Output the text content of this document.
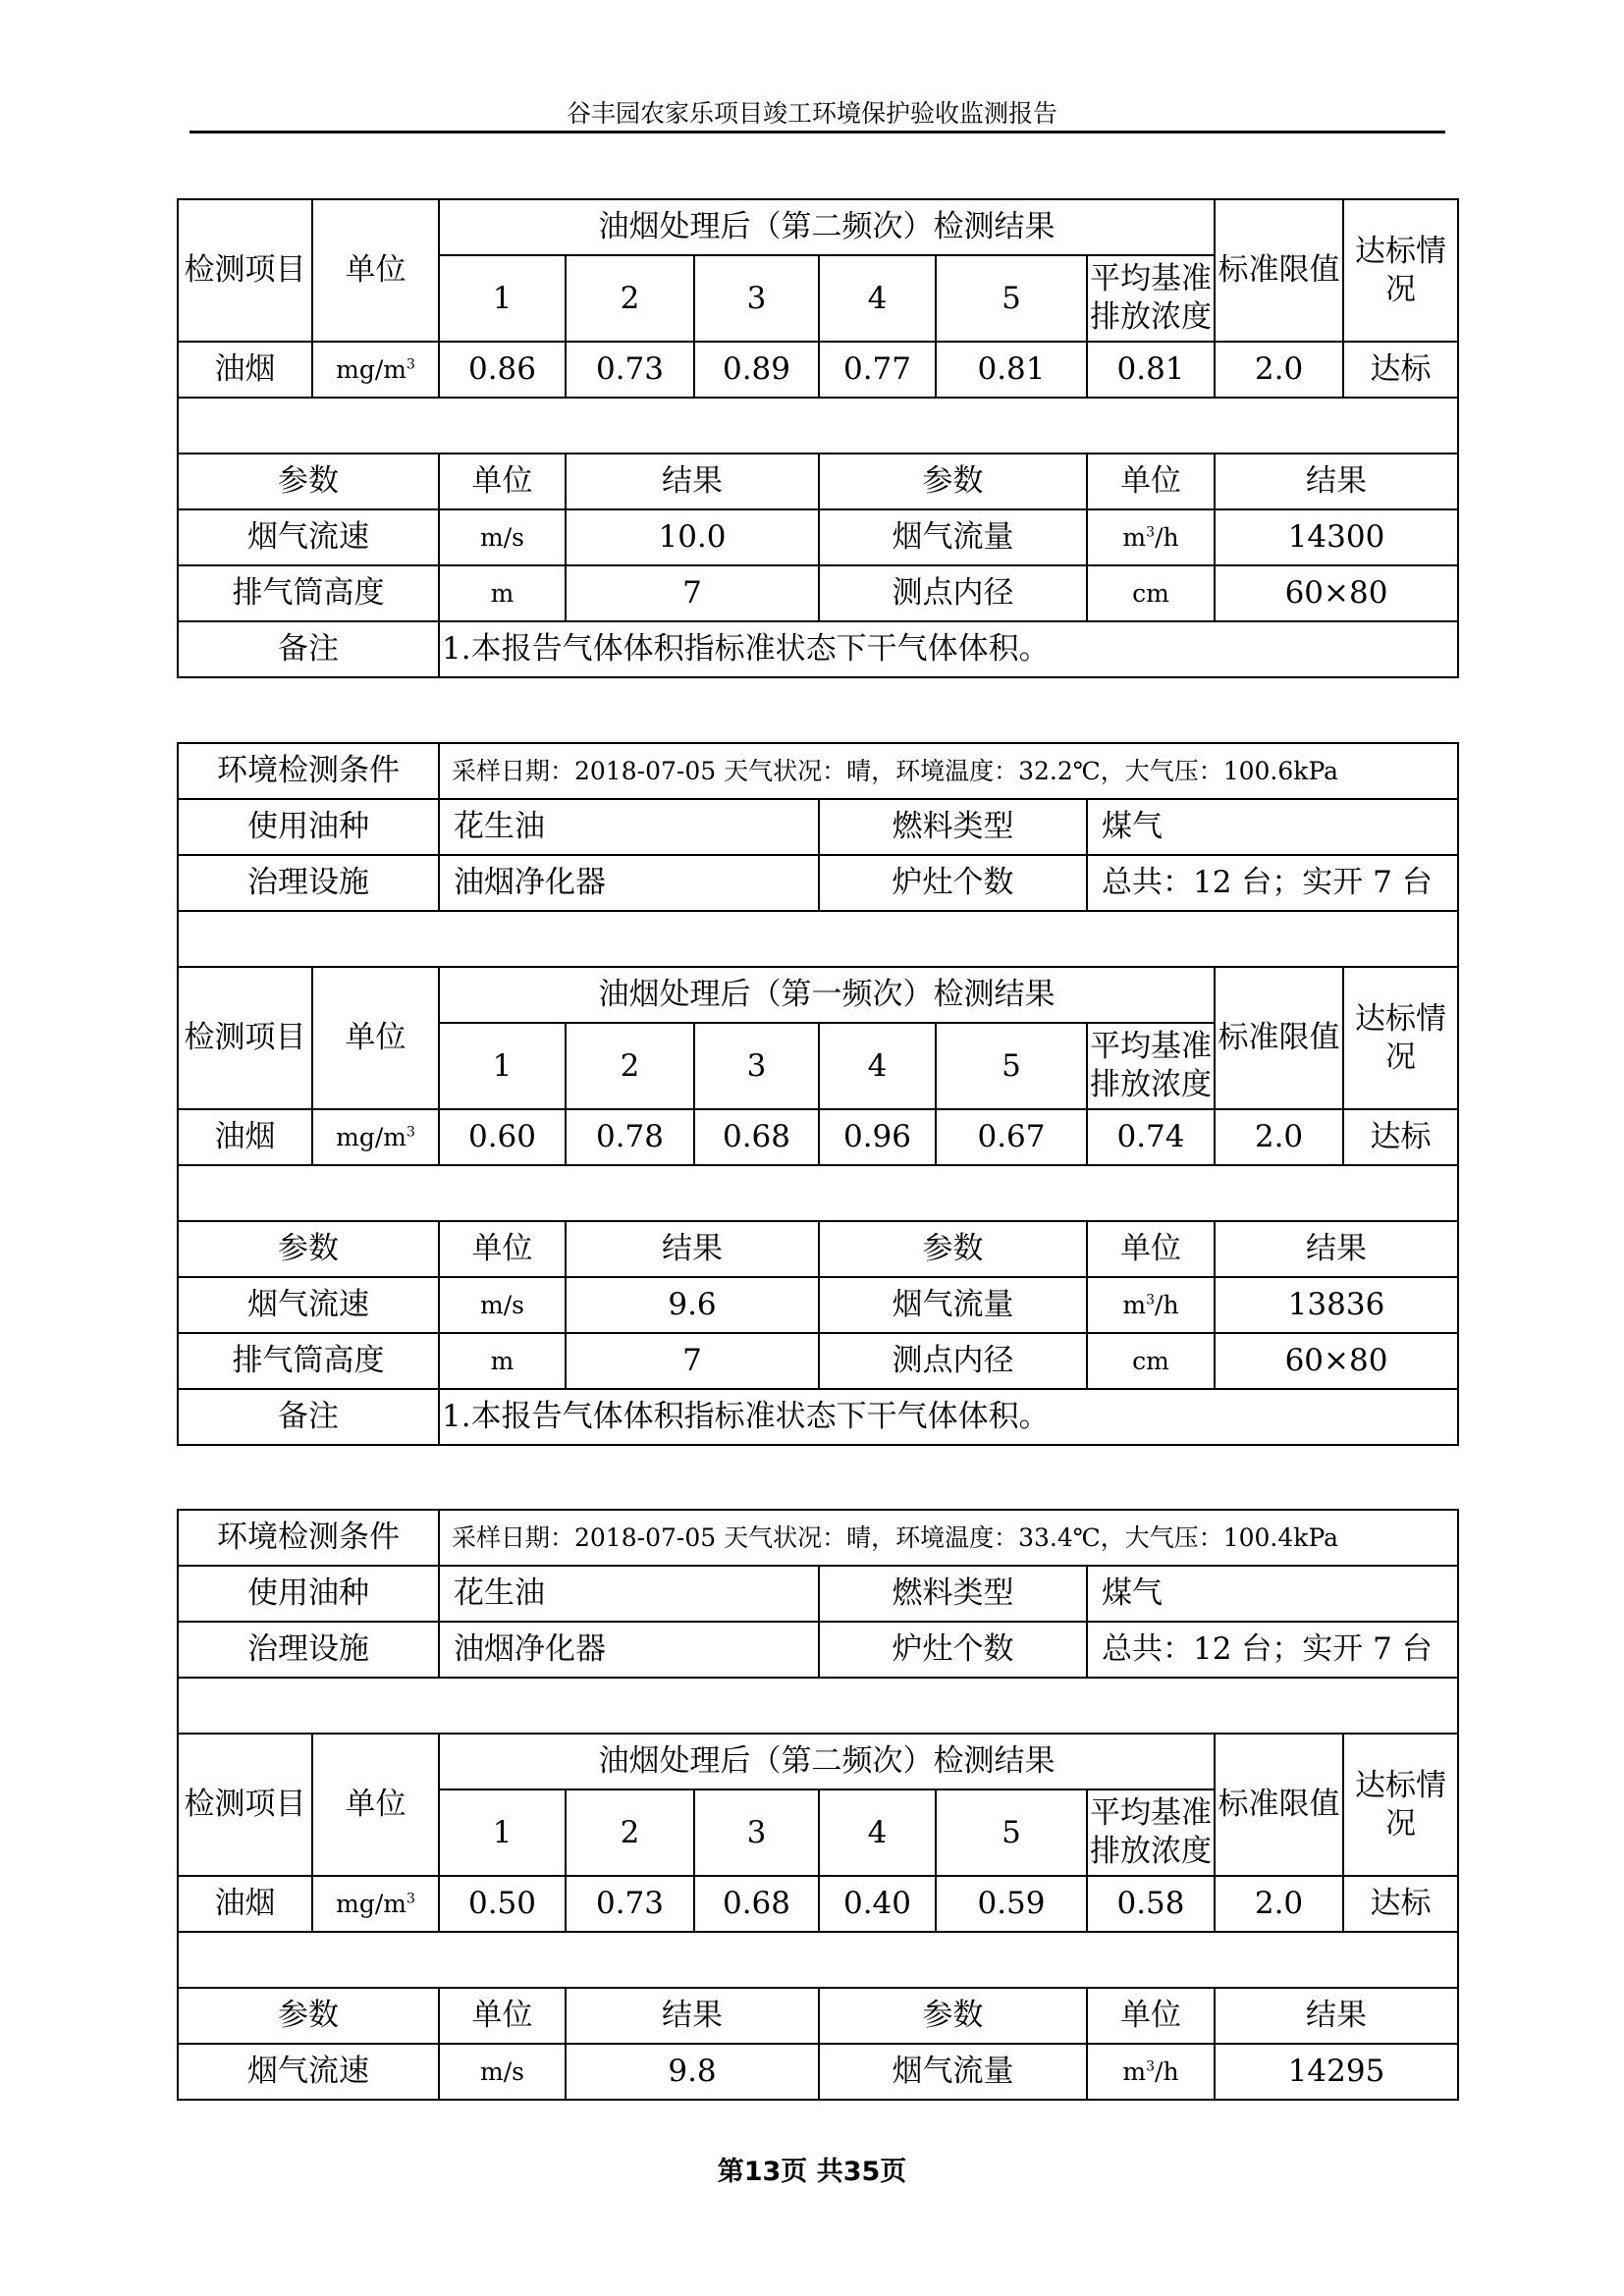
谷丰园农家乐项目竣工环境保护验收监测报告
检测项目	单位	油烟处理后（第二频次）检测结果						标准限值	达标情况
		1	2	3	4	5	平均基准排放浓度		
油烟	$mg/m^3$	0.86	0.73	0.89	0.77	0.81	0.81	2.0	达标

参数		单位	结果		参数		单位	结果	
烟气流速		m/s	10.0		烟气流量		$m^3/h$	14300	
排气筒高度		m	7		测点内径		cm	60×80	
备注		1.本报告气体体积指标准状态下干气体体积。							
环境检测条件		采样日期：2018-07-05 天气状况：晴，环境温度：32.2℃，大气压：100.6kPa							
使用油种		花生油			燃料类型		煤气		
治理设施		油烟净化器			炉灶个数		总共：12 台；实开 7 台		

检测项目	单位	油烟处理后（第一频次）检测结果						标准限值	达标情况
		1	2	3	4	5	平均基准排放浓度		
油烟	$mg/m^3$	0.60	0.78	0.68	0.96	0.67	0.74	2.0	达标

参数		单位	结果		参数		单位	结果	
烟气流速		m/s	9.6		烟气流量		$m^3/h$	13836	
排气筒高度		m	7		测点内径		cm	60×80	
备注		1.本报告气体体积指标准状态下干气体体积。							
环境检测条件		采样日期：2018-07-05 天气状况：晴，环境温度：33.4℃，大气压：100.4kPa							
使用油种		花生油			燃料类型		煤气		
治理设施		油烟净化器			炉灶个数		总共：12 台；实开 7 台		

检测项目	单位	油烟处理后（第二频次）检测结果						标准限值	达标情况
		1	2	3	4	5	平均基准排放浓度		
油烟	$mg/m^3$	0.50	0.73	0.68	0.40	0.59	0.58	2.0	达标

参数		单位	结果		参数		单位	结果	
烟气流速		m/s	9.8		烟气流量		$m^3/h$	14295	
第13页 共35页
